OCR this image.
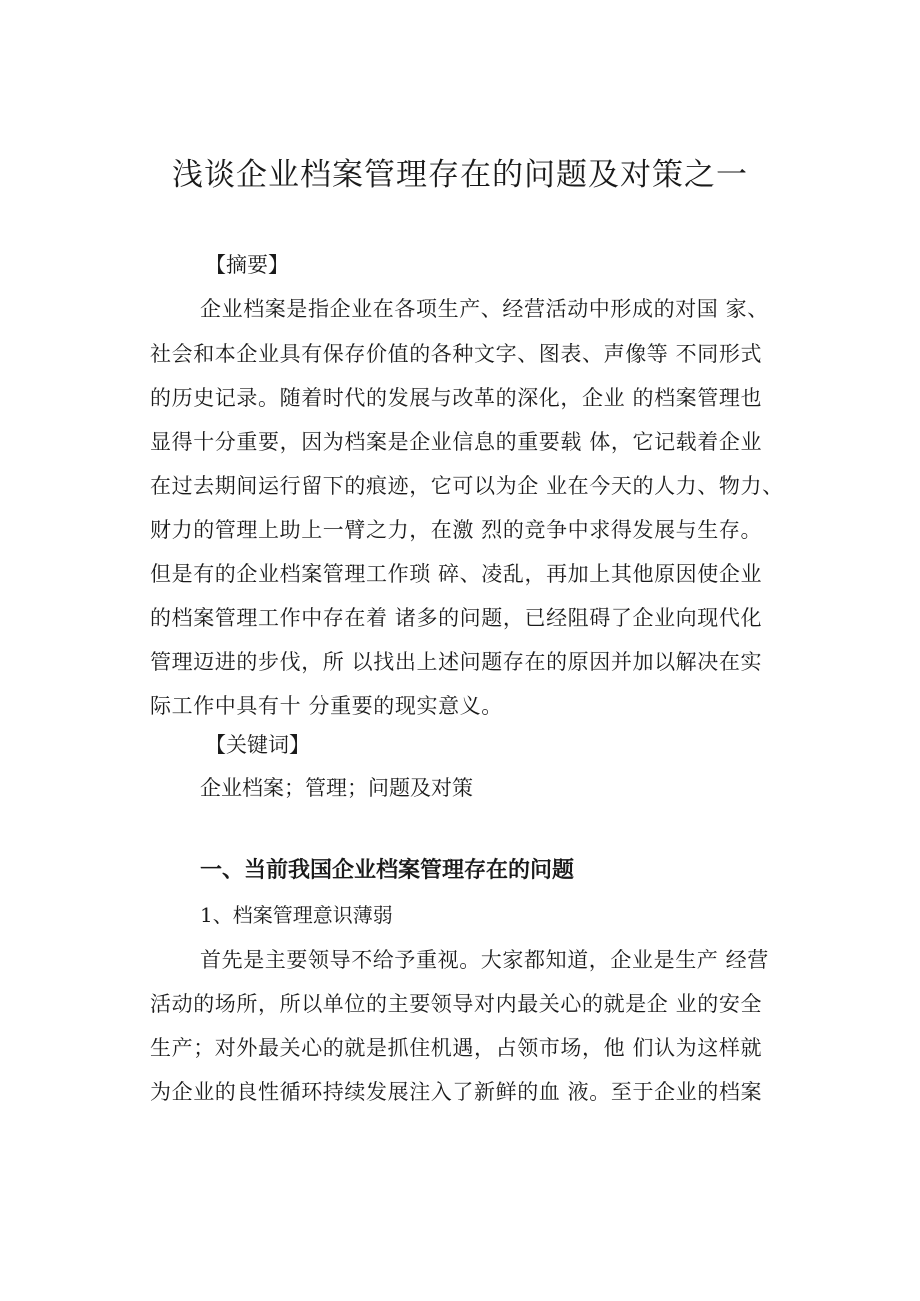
浅谈企业档案管理存在的问题及对策之一
【摘要】
企业档案是指企业在各项生产、经营活动中形成的对国 家、
社会和本企业具有保存价值的各种文字、图表、声像等 不同形式
的历史记录。随着时代的发展与改革的深化，企业 的档案管理也
显得十分重要，因为档案是企业信息的重要载 体，它记载着企业
在过去期间运行留下的痕迹，它可以为企 业在今天的人力、物力、
财力的管理上助上一臂之力，在激 烈的竞争中求得发展与生存。
但是有的企业档案管理工作琐 碎、凌乱，再加上其他原因使企业
的档案管理工作中存在着 诸多的问题，已经阻碍了企业向现代化
管理迈进的步伐，所 以找出上述问题存在的原因并加以解决在实
际工作中具有十 分重要的现实意义。
【关键词】
企业档案；管理；问题及对策
一、当前我国企业档案管理存在的问题
1、档案管理意识薄弱
首先是主要领导不给予重视。大家都知道，企业是生产 经营
活动的场所，所以单位的主要领导对内最关心的就是企 业的安全
生产；对外最关心的就是抓住机遇，占领市场，他 们认为这样就
为企业的良性循环持续发展注入了新鲜的血 液。至于企业的档案
